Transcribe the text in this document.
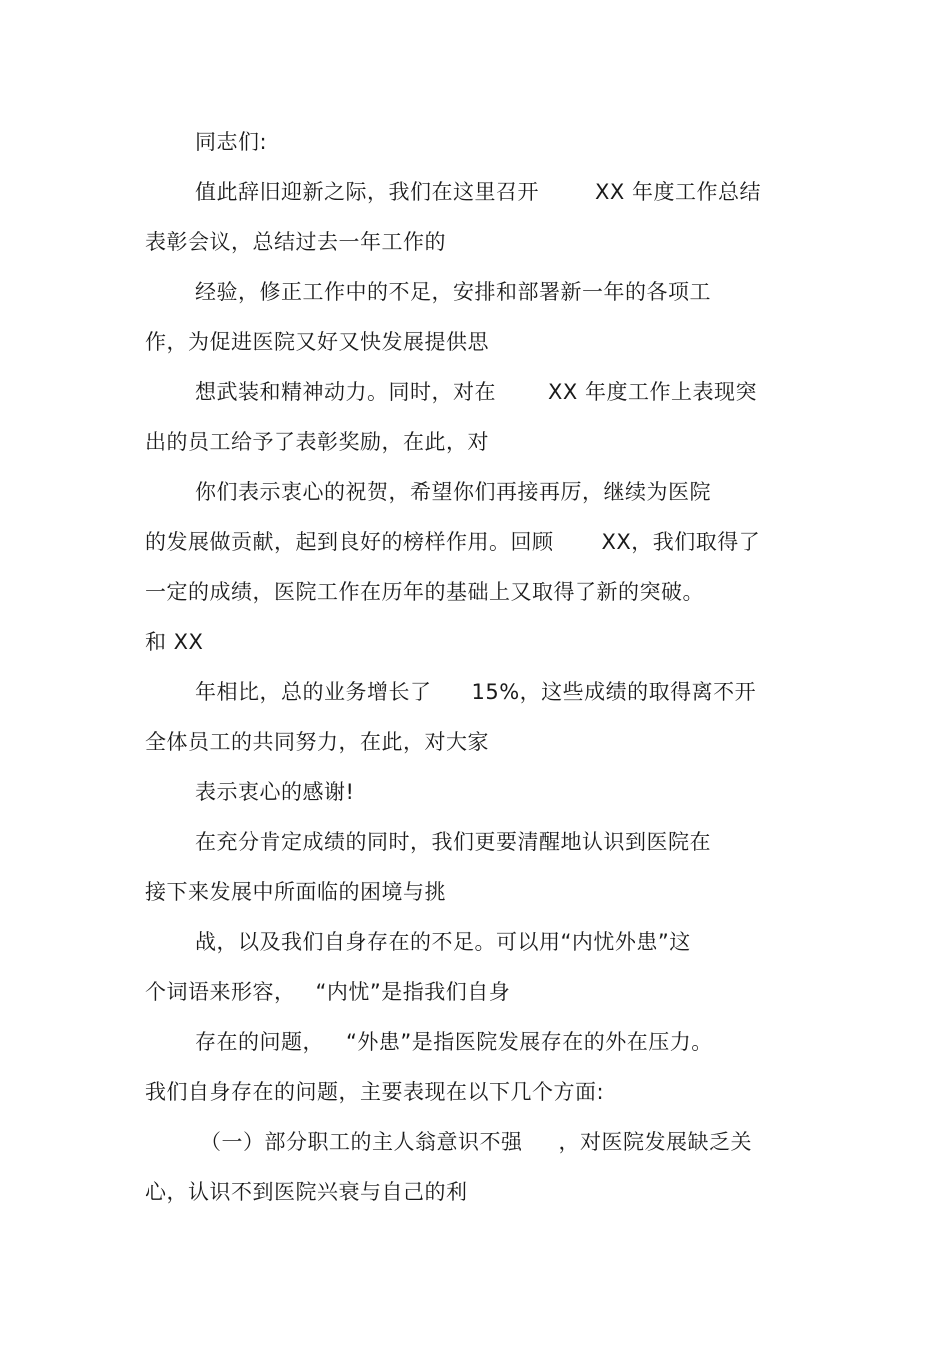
同志们:
值此辞旧迎新之际，我们在这里召开	XX 年度工作总结
表彰会议，总结过去一年工作的
经验，修正工作中的不足，安排和部署新一年的各项工
作，为促进医院又好又快发展提供思
想武装和精神动力。同时，对在 XX 年度工作上表现突
出的员工给予了表彰奖励，在此，对
你们表示衷心的祝贺，希望你们再接再厉，继续为医院
的发展做贡献，起到良好的榜样作用。回顾 XX，我们取得了
一定的成绩，医院工作在历年的基础上又取得了新的突破。
和 XX
年相比，总的业务增长了 15%，这些成绩的取得离不开
全体员工的共同努力，在此，对大家
表示衷心的感谢!
在充分肯定成绩的同时，我们更要清醒地认识到医院在
接下来发展中所面临的困境与挑
战，以及我们自身存在的不足。可以用“内忧外患”这
个词语来形容， “内忧”是指我们自身
存在的问题， “外患”是指医院发展存在的外在压力。
我们自身存在的问题，主要表现在以下几个方面:
（一）部分职工的主人翁意识不强 ，对医院发展缺乏关
心，认识不到医院兴衰与自己的利
